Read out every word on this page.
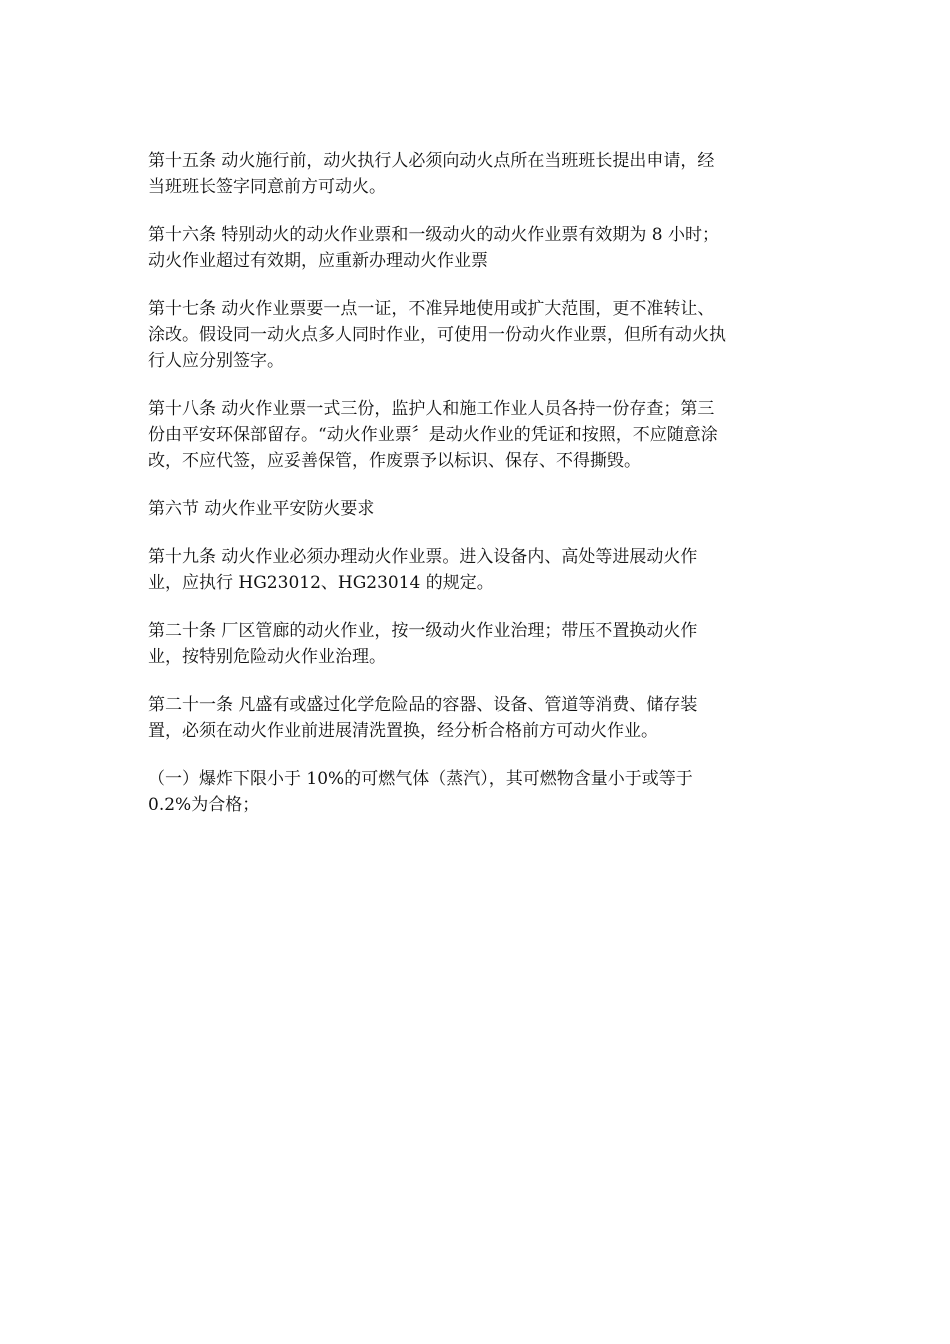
第十五条 动火施行前，动火执行人必须向动火点所在当班班长提出申请，经
当班班长签字同意前方可动火。

第十六条 特别动火的动火作业票和一级动火的动火作业票有效期为 8 小时；
动火作业超过有效期，应重新办理动火作业票

第十七条 动火作业票要一点一证，不准异地使用或扩大范围，更不准转让、
涂改。假设同一动火点多人同时作业，可使用一份动火作业票，但所有动火执
行人应分别签字。

第十八条 动火作业票一式三份，监护人和施工作业人员各持一份存查；第三
份由平安环保部留存。“动火作业票〞是动火作业的凭证和按照，不应随意涂
改，不应代签，应妥善保管，作废票予以标识、保存、不得撕毁。

第六节 动火作业平安防火要求

第十九条 动火作业必须办理动火作业票。进入设备内、高处等进展动火作
业，应执行 HG23012、HG23014 的规定。

第二十条 厂区管廊的动火作业，按一级动火作业治理；带压不置换动火作
业，按特别危险动火作业治理。

第二十一条 凡盛有或盛过化学危险品的容器、设备、管道等消费、储存装
置，必须在动火作业前进展清洗置换，经分析合格前方可动火作业。

（一）爆炸下限小于 10%的可燃气体（蒸汽），其可燃物含量小于或等于
0.2%为合格；
